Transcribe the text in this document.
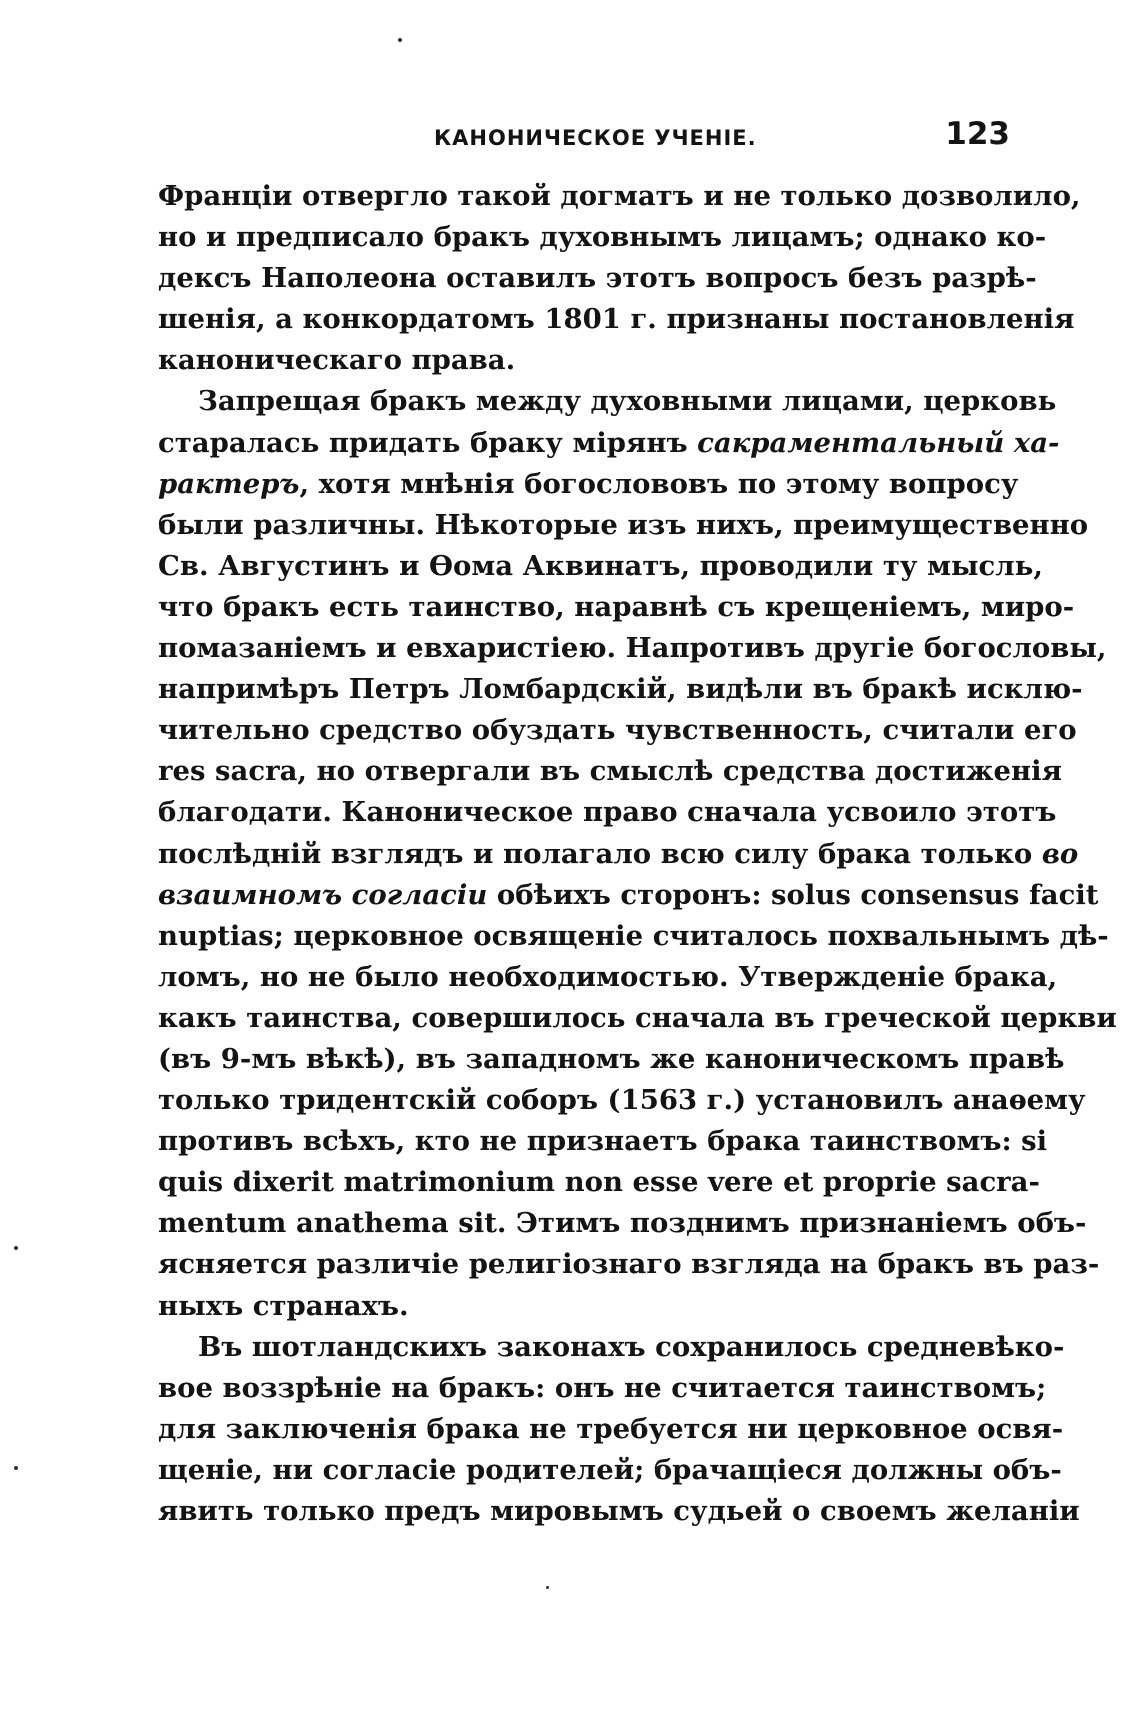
КАНОНИЧЕСКОЕ УЧЕНІЕ.	123
Франціи отвергло такой догматъ и не только дозволило,
но и предписало бракъ духовнымъ лицамъ; однако ко-
дексъ Наполеона оставилъ этотъ вопросъ безъ разрѣ-
шенія, а конкордатомъ 1801 г. признаны постановленія
каноническаго права.
Запрещая бракъ между духовными лицами, церковь
старалась придать браку мірянъ сакраментальный ха-
рактеръ, хотя мнѣнія богослововъ по этому вопросу
были различны. Нѣкоторые изъ нихъ, преимущественно
Св. Августинъ и Ѳома Аквинатъ, проводили ту мысль,
что бракъ есть таинство, наравнѣ съ крещеніемъ, миро-
помазаніемъ и евхаристіею. Напротивъ другіе богословы,
напримѣръ Петръ Ломбардскій, видѣли въ бракѣ исклю-
чительно средство обуздать чувственность, считали его
res sacra, но отвергали въ смыслѣ средства достиженія
благодати. Каноническое право сначала усвоило этотъ
послѣдній взглядъ и полагало всю силу брака только во
взаимномъ согласіи обѣихъ сторонъ: solus consensus facit
nuptias; церковное освященіе считалось похвальнымъ дѣ-
ломъ, но не было необходимостью. Утвержденіе брака,
какъ таинства, совершилось сначала въ греческой церкви
(въ 9-мъ вѣкѣ), въ западномъ же каноническомъ правѣ
только тридентскій соборъ (1563 г.) установилъ анаѳему
противъ всѣхъ, кто не признаетъ брака таинствомъ: si
quis dixerit matrimonium non esse vere et proprie sacra-
mentum anathema sit. Этимъ позднимъ признаніемъ объ-
ясняется различіе религіознаго взгляда на бракъ въ раз-
ныхъ странахъ.
Въ шотландскихъ законахъ сохранилось средневѣко-
вое воззрѣніе на бракъ: онъ не считается таинствомъ;
для заключенія брака не требуется ни церковное освя-
щеніе, ни согласіе родителей; брачащіеся должны объ-
явить только предъ мировымъ судьей о своемъ желаніи
